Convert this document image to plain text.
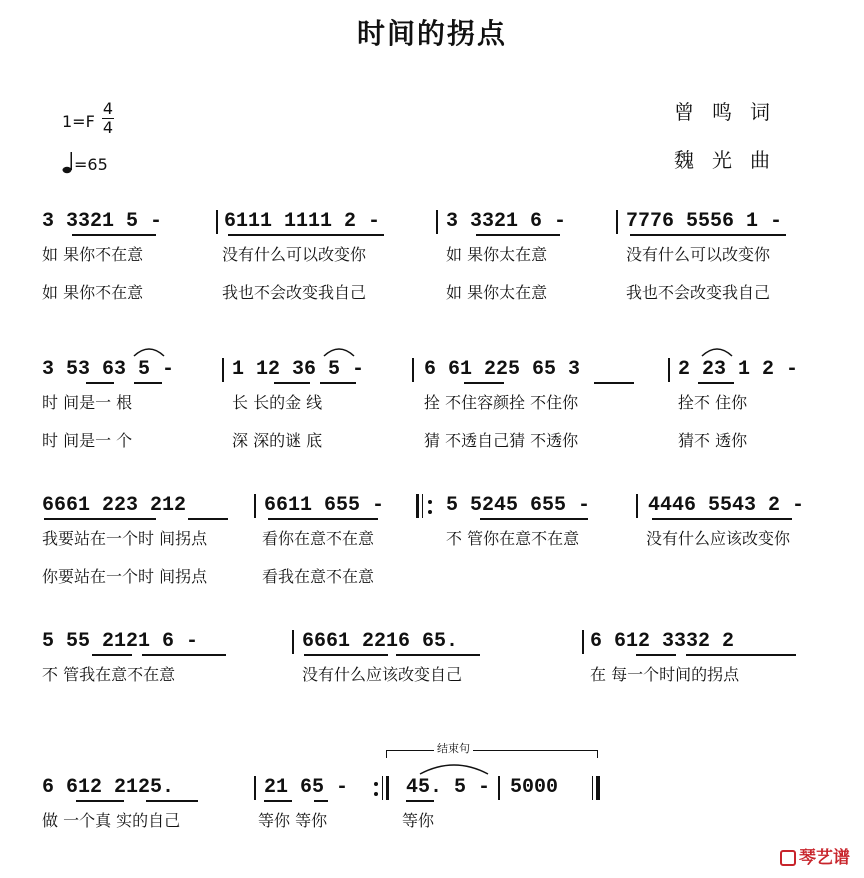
时间的拐点
1=F
4
4
=65
曾鸣词
魏光曲
3 3321 5 -	6111 1111 2 -	3 3321 6 -	7776 5556 1 -
如 果你不在意	没有什么可以改变你	如 果你太在意	没有什么可以改变你
如 果你不在意	我也不会改变我自己	如 果你太在意	我也不会改变我自己
3 53 63 5 -	1 12 36 5 -	6 61 225 65 3	2 23 1 2 -
时 间是一 根	长 长的金 线	拴 不住容颜拴 不住你	拴不 住你
时 间是一 个	深 深的谜 底	猜 不透自己猜 不透你	猜不 透你
6661 223 212	6611 655 -	5 5245 655 -	4446 5543 2 -
我要站在一个时 间拐点	看你在意不在意	不 管你在意不在意	没有什么应该改变你
你要站在一个时 间拐点	看我在意不在意
5 55 2121 6 -	6661 2216 65.	6 612 3332 2
不 管我在意不在意	没有什么应该改变自己	在 每一个时间的拐点
结束句
6 612 2125.	21 65 -	45. 5 - 5000
做 一个真 实的自己	等你 等你	等你
琴艺谱
